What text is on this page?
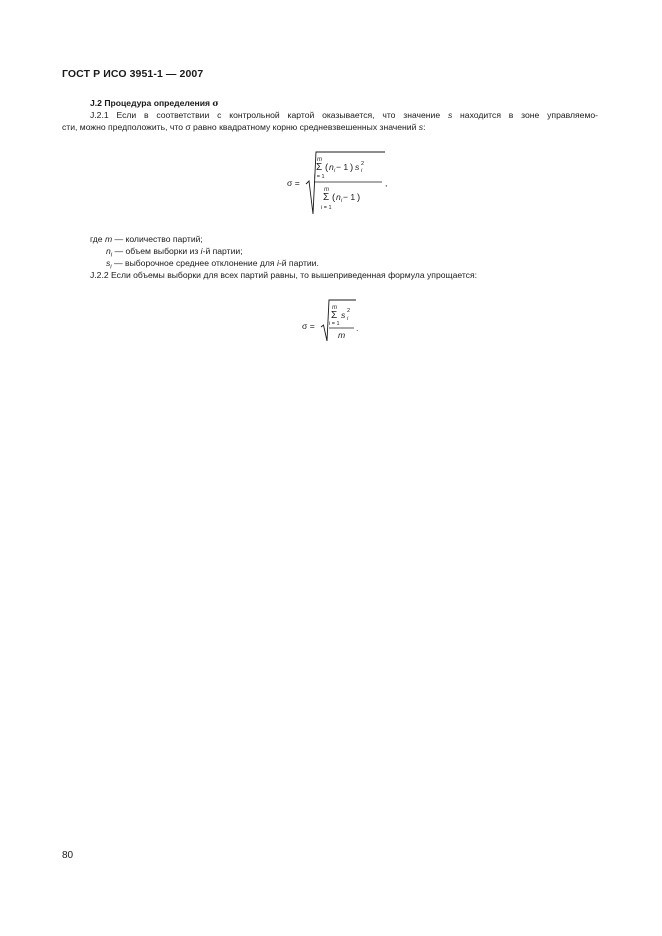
ГОСТ Р ИСО 3951-1 — 2007
J.2 Процедура определения σ
J.2.1 Если в соответствии с контрольной картой оказывается, что значение s находится в зоне управляемо-
сти, можно предположить, что σ равно квадратному корню средневзвешенных значений s:
σ =
m
Σ
i = 1
( n i − 1 ) s 2
i
m
Σ
i = 1
( n i − 1 )
,
где m — количество партий;
$n_i$ — объем выборки из i-й партии;
$s_i$ — выборочное среднее отклонение для i-й партии.
J.2.2 Если объемы выборки для всех партий равны, то вышеприведенная формула упрощается:
σ =
m
Σ
i = 1
s 2
i
m
.
80
